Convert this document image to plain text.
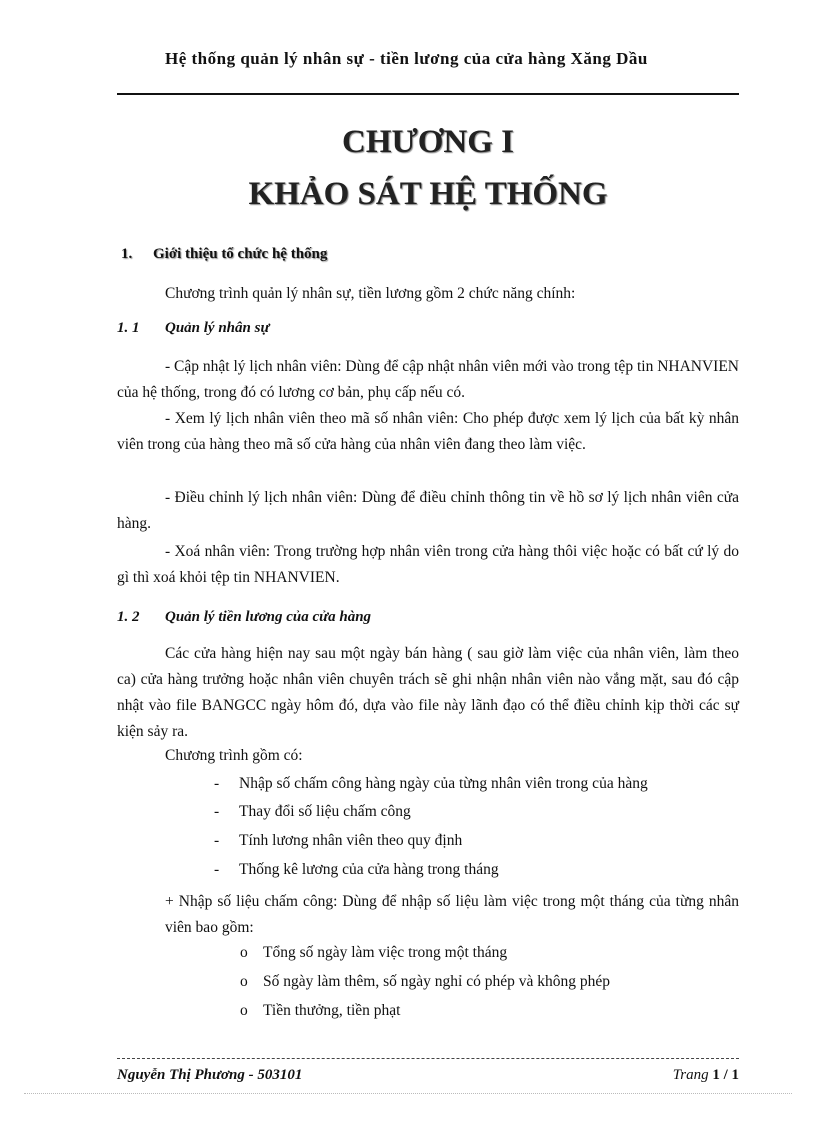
Hệ thống quản lý nhân sự - tiền lương của cửa hàng Xăng Dầu
CHƯƠNG I
KHẢO SÁT HỆ THỐNG
1. Giới thiệu tổ chức hệ thống
Chương trình quản lý nhân sự, tiền lương gồm 2 chức năng chính:
1. 1 Quản lý nhân sự
- Cập nhật lý lịch nhân viên: Dùng để cập nhật nhân viên mới vào trong tệp tin NHANVIEN của hệ thống, trong đó có lương cơ bản, phụ cấp nếu có.
- Xem lý lịch nhân viên theo mã số nhân viên: Cho phép được xem lý lịch của bất kỳ nhân viên trong của hàng theo mã số cửa hàng của nhân viên đang theo làm việc.
- Điều chỉnh lý lịch nhân viên: Dùng để điều chỉnh thông tin về hồ sơ lý lịch nhân viên cửa hàng.
- Xoá nhân viên: Trong trường hợp nhân viên trong cửa hàng thôi việc hoặc có bất cứ lý do gì thì xoá khỏi tệp tin NHANVIEN.
1. 2 Quản lý tiền lương của cửa hàng
Các cửa hàng hiện nay sau một ngày bán hàng ( sau giờ làm việc của nhân viên, làm theo ca) cửa hàng trưởng hoặc nhân viên chuyên trách sẽ ghi nhận nhân viên nào vắng mặt, sau đó cập nhật vào file BANGCC ngày hôm đó, dựa vào file này lãnh đạo có thể điều chỉnh kịp thời các sự kiện sảy ra.
Chương trình gồm có:
- Nhập số chấm công hàng ngày của từng nhân viên trong của hàng
- Thay đổi số liệu chấm công
- Tính lương nhân viên theo quy định
- Thống kê lương của cửa hàng trong tháng
+ Nhập số liệu chấm công: Dùng để nhập số liệu làm việc trong một tháng của từng nhân viên bao gồm:
o Tổng số ngày làm việc trong một tháng
o Số ngày làm thêm, số ngày nghỉ có phép và không phép
o Tiền thưởng, tiền phạt
Nguyễn Thị Phương - 503101	Trang 1 / 1
